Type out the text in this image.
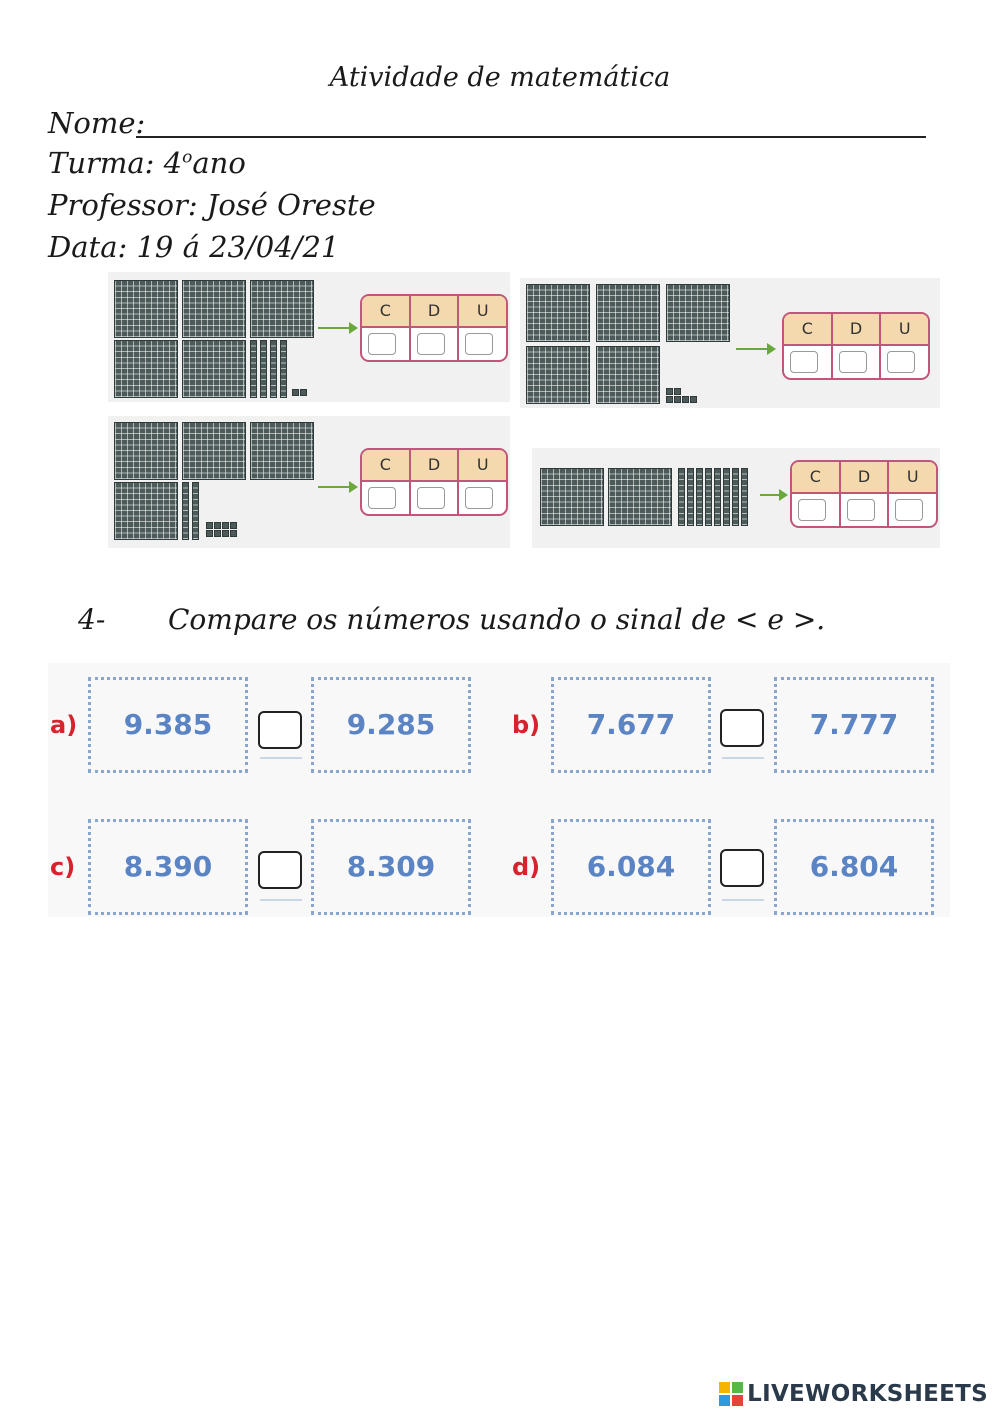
Atividade de matemática
Nome:
Turma: 4$^o$ano
Professor: José Oreste
Data: 19 á 23/04/21
C	D	U
C	D	U
C	D	U
C	D	U
4- Compare os números usando o sinal de < e >.
a)	9.385	9.285	b)	7.677	7.777
c)	8.390	8.309	d)	6.084	6.804
LIVEWORKSHEETS
